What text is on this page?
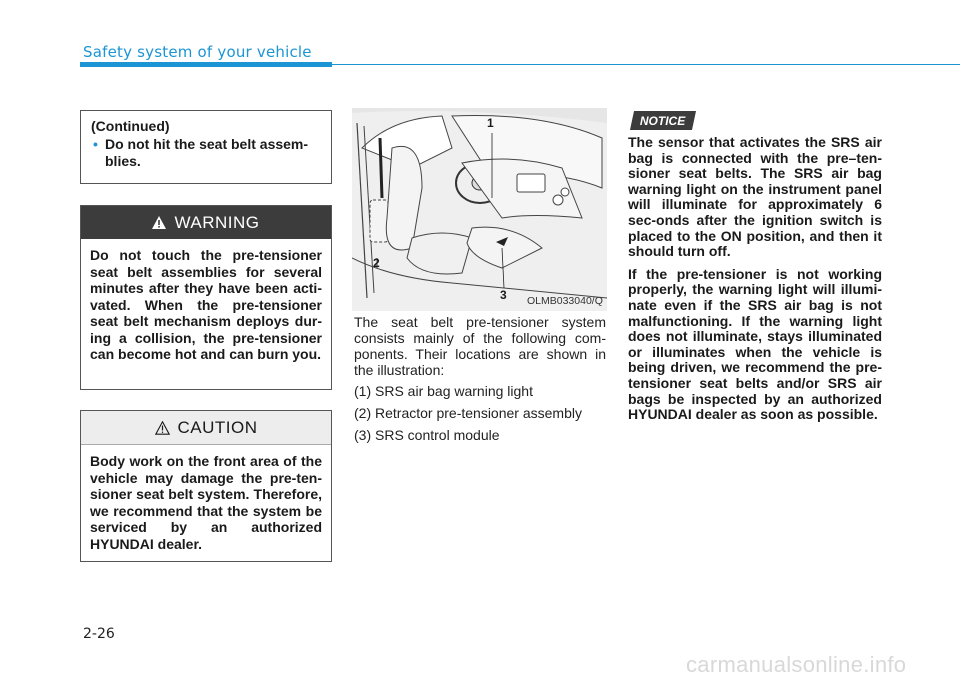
Safety system of your vehicle
(Continued)
• Do not hit the seat belt assem-blies.
WARNING
Do not touch the pre-tensioner seat belt assemblies for several minutes after they have been acti-vated. When the pre-tensioner seat belt mechanism deploys dur-ing a collision, the pre-tensioner can become hot and can burn you.
CAUTION
Body work on the front area of the vehicle may damage the pre-ten-sioner seat belt system. Therefore, we recommend that the system be serviced by an authorized HYUNDAI dealer.
1
2
3 OLMB033040/Q

The seat belt pre-tensioner system consists mainly of the following com-ponents. Their locations are shown in the illustration:

(1) SRS air bag warning light
(2) Retractor pre-tensioner assembly
(3) SRS control module
NOTICE

The sensor that activates the SRS air bag is connected with the pre–ten-sioner seat belts. The SRS air bag warning light on the instrument panel will illuminate for approximately 6 sec-onds after the ignition switch is placed to the ON position, and then it should turn off.

If the pre-tensioner is not working properly, the warning light will illumi-nate even if the SRS air bag is not malfunctioning. If the warning light does not illuminate, stays illuminated or illuminates when the vehicle is being driven, we recommend the pre-tensioner seat belts and/or SRS air bags be inspected by an authorized HYUNDAI dealer as soon as possible.

2-26
carmanualsonline.info
